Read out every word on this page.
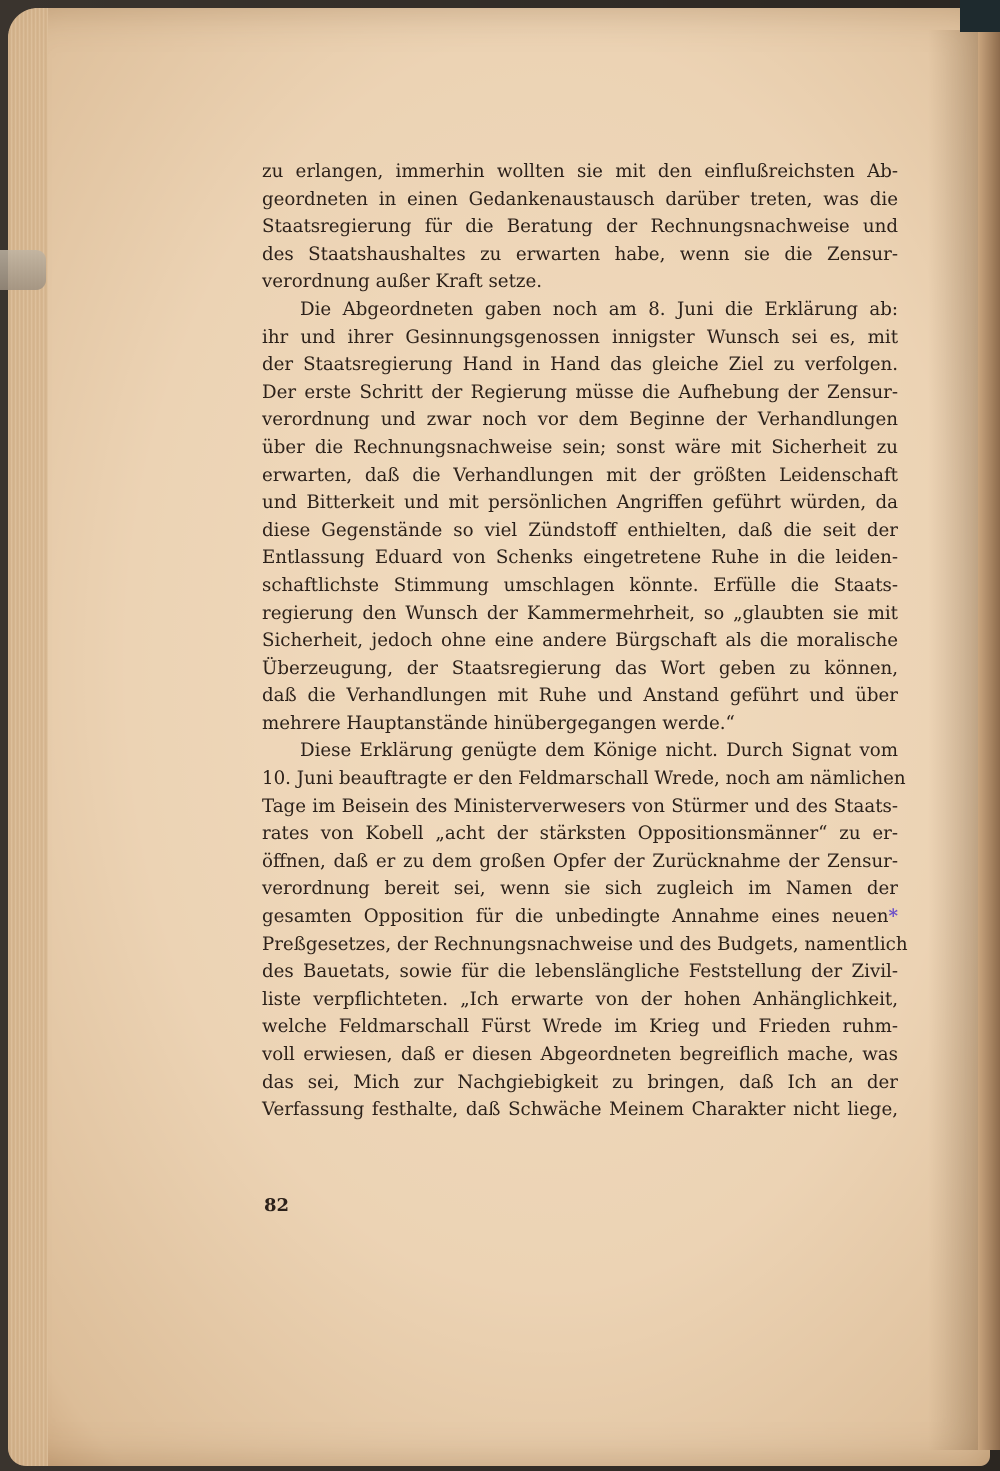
zu erlangen, immerhin wollten sie mit den einflußreichsten Ab-
geordneten in einen Gedankenaustausch darüber treten, was die
Staatsregierung für die Beratung der Rechnungsnachweise und
des Staatshaushaltes zu erwarten habe, wenn sie die Zensur-
verordnung außer Kraft setze.
Die Abgeordneten gaben noch am 8. Juni die Erklärung ab:
ihr und ihrer Gesinnungsgenossen innigster Wunsch sei es, mit
der Staatsregierung Hand in Hand das gleiche Ziel zu verfolgen.
Der erste Schritt der Regierung müsse die Aufhebung der Zensur-
verordnung und zwar noch vor dem Beginne der Verhandlungen
über die Rechnungsnachweise sein; sonst wäre mit Sicherheit zu
erwarten, daß die Verhandlungen mit der größten Leidenschaft
und Bitterkeit und mit persönlichen Angriffen geführt würden, da
diese Gegenstände so viel Zündstoff enthielten, daß die seit der
Entlassung Eduard von Schenks eingetretene Ruhe in die leiden-
schaftlichste Stimmung umschlagen könnte. Erfülle die Staats-
regierung den Wunsch der Kammermehrheit, so „glaubten sie mit
Sicherheit, jedoch ohne eine andere Bürgschaft als die moralische
Überzeugung, der Staatsregierung das Wort geben zu können,
daß die Verhandlungen mit Ruhe und Anstand geführt und über
mehrere Hauptanstände hinübergegangen werde.“
Diese Erklärung genügte dem Könige nicht. Durch Signat vom
10. Juni beauftragte er den Feldmarschall Wrede, noch am nämlichen
Tage im Beisein des Ministerverwesers von Stürmer und des Staats-
rates von Kobell „acht der stärksten Oppositionsmänner“ zu er-
öffnen, daß er zu dem großen Opfer der Zurücknahme der Zensur-
verordnung bereit sei, wenn sie sich zugleich im Namen der
gesamten Opposition für die unbedingte Annahme eines neuen*
Preßgesetzes, der Rechnungsnachweise und des Budgets, namentlich
des Bauetats, sowie für die lebenslängliche Feststellung der Zivil-
liste verpflichteten. „Ich erwarte von der hohen Anhänglichkeit,
welche Feldmarschall Fürst Wrede im Krieg und Frieden ruhm-
voll erwiesen, daß er diesen Abgeordneten begreiflich mache, was
das sei, Mich zur Nachgiebigkeit zu bringen, daß Ich an der
Verfassung festhalte, daß Schwäche Meinem Charakter nicht liege,
82
